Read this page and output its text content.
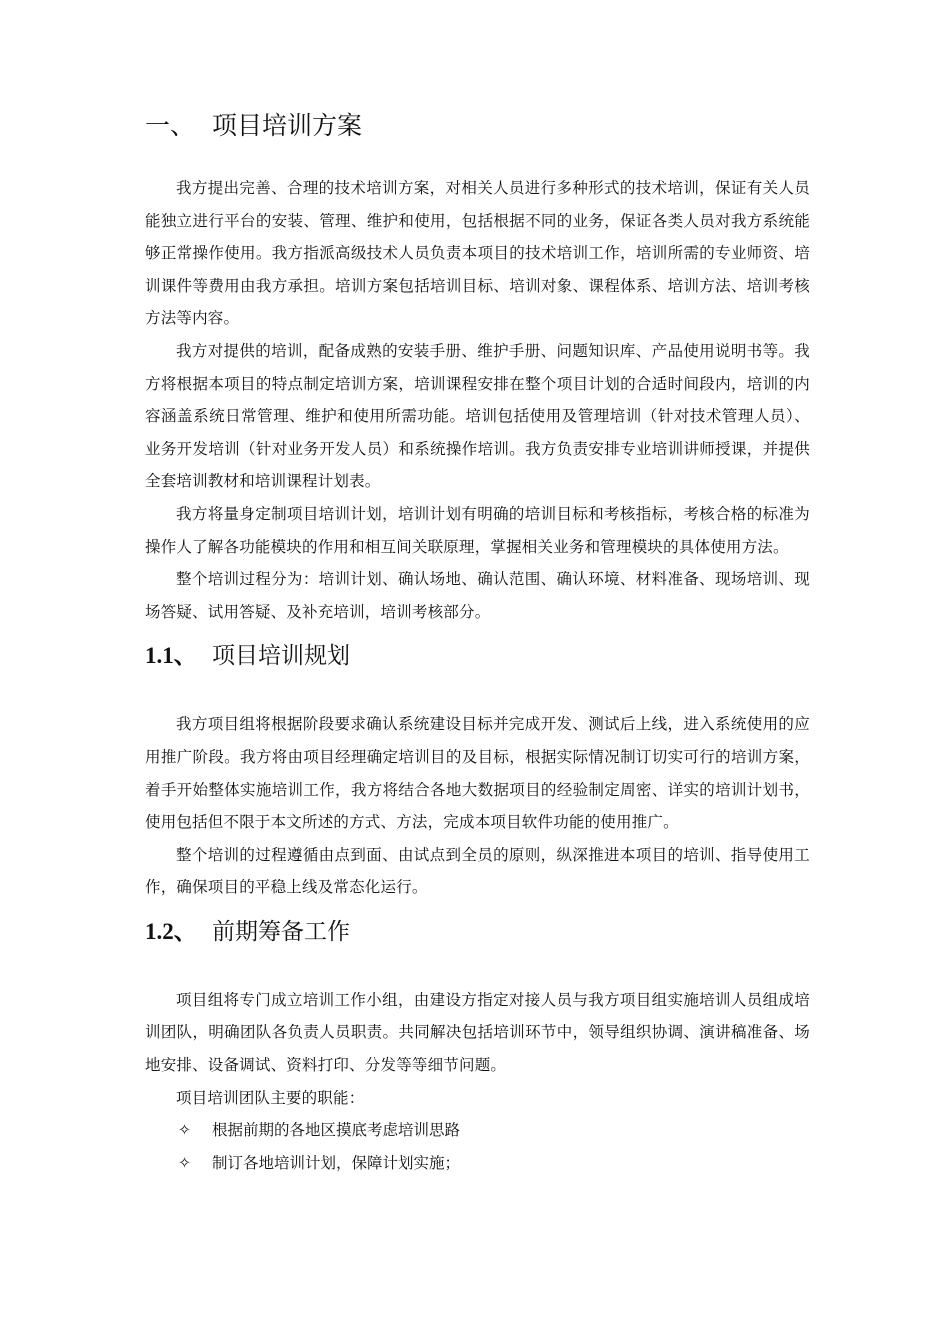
一、 项目培训方案

我方提出完善、合理的技术培训方案，对相关人员进行多种形式的技术培训，保证有关人员能独立进行平台的安装、管理、维护和使用，包括根据不同的业务，保证各类人员对我方系统能够正常操作使用。我方指派高级技术人员负责本项目的技术培训工作，培训所需的专业师资、培训课件等费用由我方承担。培训方案包括培训目标、培训对象、课程体系、培训方法、培训考核方法等内容。

我方对提供的培训，配备成熟的安装手册、维护手册、问题知识库、产品使用说明书等。我方将根据本项目的特点制定培训方案，培训课程安排在整个项目计划的合适时间段内，培训的内容涵盖系统日常管理、维护和使用所需功能。培训包括使用及管理培训（针对技术管理人员）、业务开发培训（针对业务开发人员）和系统操作培训。我方负责安排专业培训讲师授课，并提供全套培训教材和培训课程计划表。

我方将量身定制项目培训计划，培训计划有明确的培训目标和考核指标，考核合格的标准为操作人了解各功能模块的作用和相互间关联原理，掌握相关业务和管理模块的具体使用方法。

整个培训过程分为：培训计划、确认场地、确认范围、确认环境、材料准备、现场培训、现场答疑、试用答疑、及补充培训，培训考核部分。

1.1、 项目培训规划

我方项目组将根据阶段要求确认系统建设目标并完成开发、测试后上线，进入系统使用的应用推广阶段。我方将由项目经理确定培训目的及目标，根据实际情况制订切实可行的培训方案，着手开始整体实施培训工作，我方将结合各地大数据项目的经验制定周密、详实的培训计划书，使用包括但不限于本文所述的方式、方法，完成本项目软件功能的使用推广。

整个培训的过程遵循由点到面、由试点到全员的原则，纵深推进本项目的培训、指导使用工作，确保项目的平稳上线及常态化运行。

1.2、 前期筹备工作

项目组将专门成立培训工作小组，由建设方指定对接人员与我方项目组实施培训人员组成培训团队，明确团队各负责人员职责。共同解决包括培训环节中，领导组织协调、演讲稿准备、场地安排、设备调试、资料打印、分发等等细节问题。

项目培训团队主要的职能：

✧ 根据前期的各地区摸底考虑培训思路
✧ 制订各地培训计划，保障计划实施；
